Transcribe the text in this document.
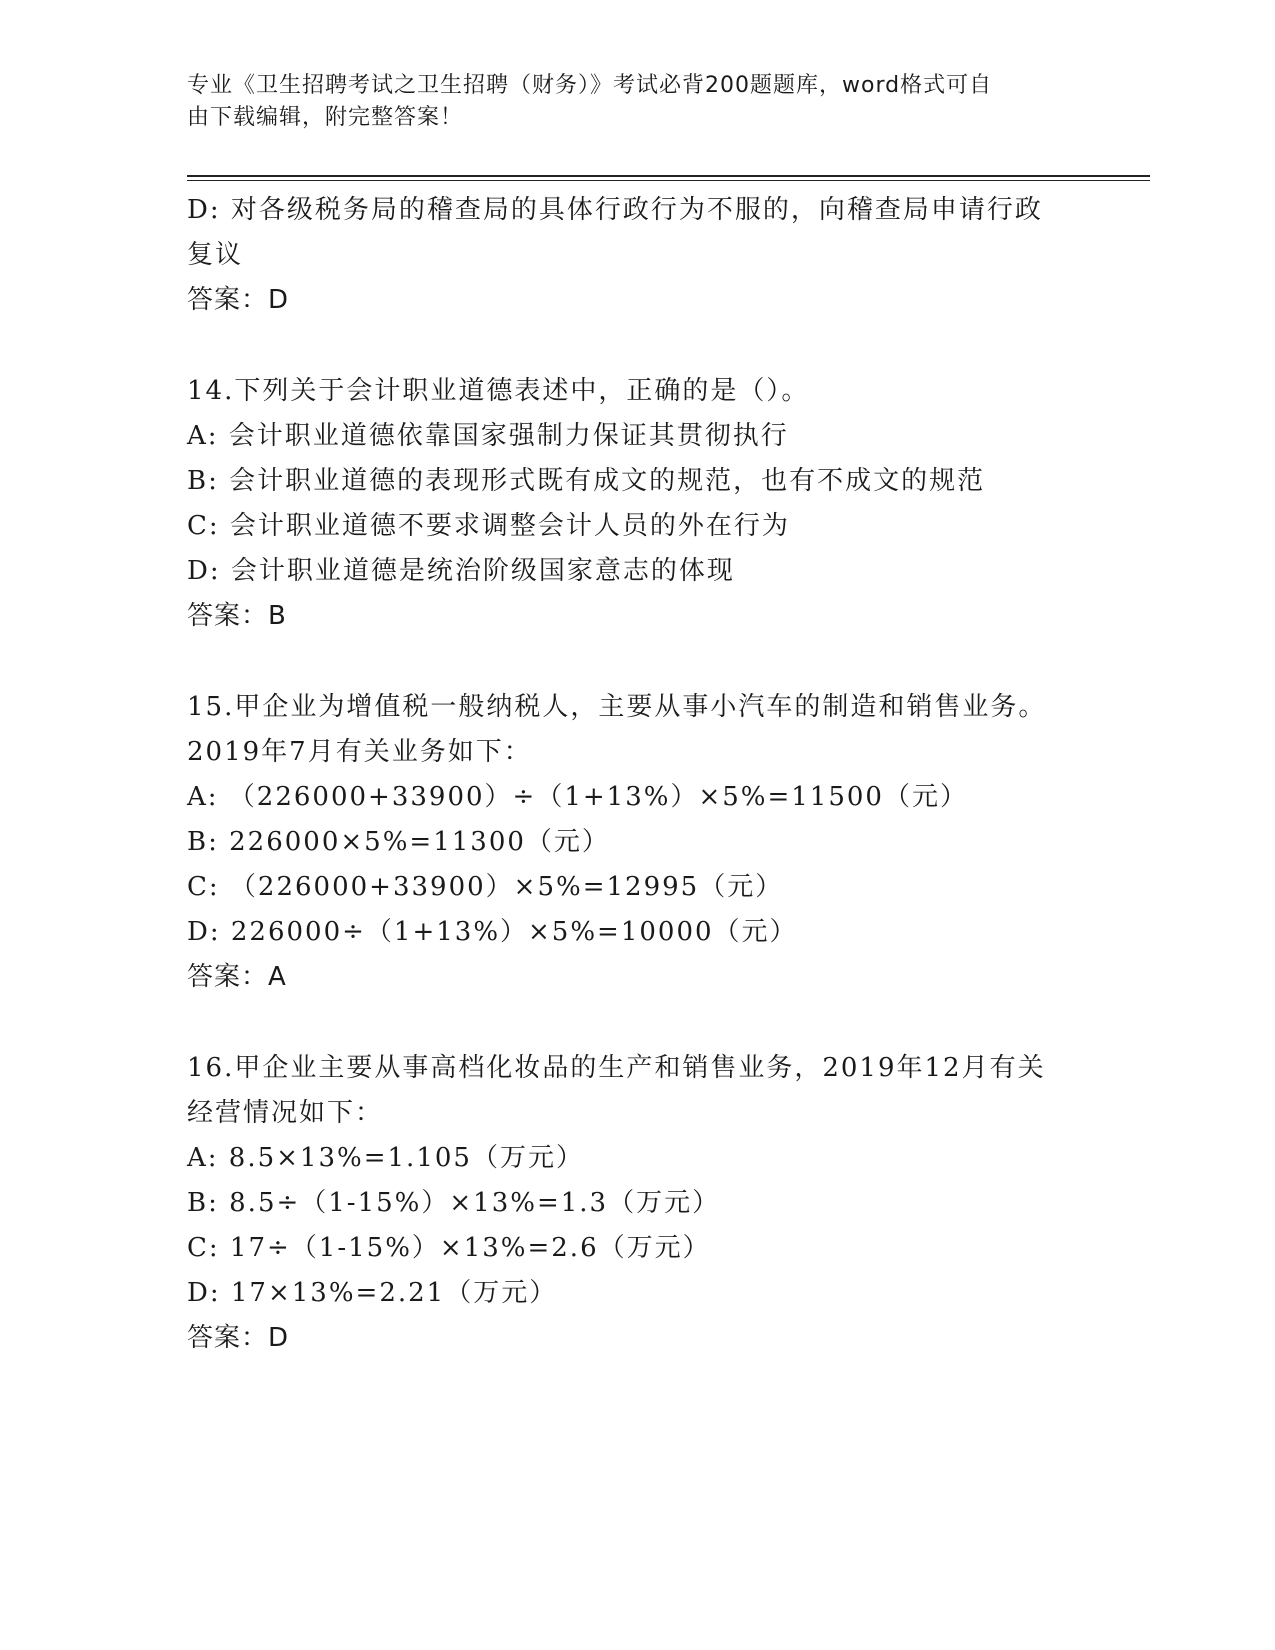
专业《卫生招聘考试之卫生招聘（财务）》考试必背200题题库，word格式可自
由下载编辑，附完整答案！
D: 对各级税务局的稽查局的具体行政行为不服的，向稽查局申请行政
复议
答案：D
14.下列关于会计职业道德表述中，正确的是（）。
A: 会计职业道德依靠国家强制力保证其贯彻执行
B: 会计职业道德的表现形式既有成文的规范，也有不成文的规范
C: 会计职业道德不要求调整会计人员的外在行为
D: 会计职业道德是统治阶级国家意志的体现
答案：B
15.甲企业为增值税一般纳税人，主要从事小汽车的制造和销售业务。
2019年7月有关业务如下：
A: （226000+33900）÷（1+13%）×5%=11500（元）
B: 226000×5%=11300（元）
C: （226000+33900）×5%=12995（元）
D: 226000÷（1+13%）×5%=10000（元）
答案：A
16.甲企业主要从事高档化妆品的生产和销售业务，2019年12月有关
经营情况如下：
A: 8.5×13%=1.105（万元）
B: 8.5÷（1-15%）×13%=1.3（万元）
C: 17÷（1-15%）×13%=2.6（万元）
D: 17×13%=2.21（万元）
答案：D
